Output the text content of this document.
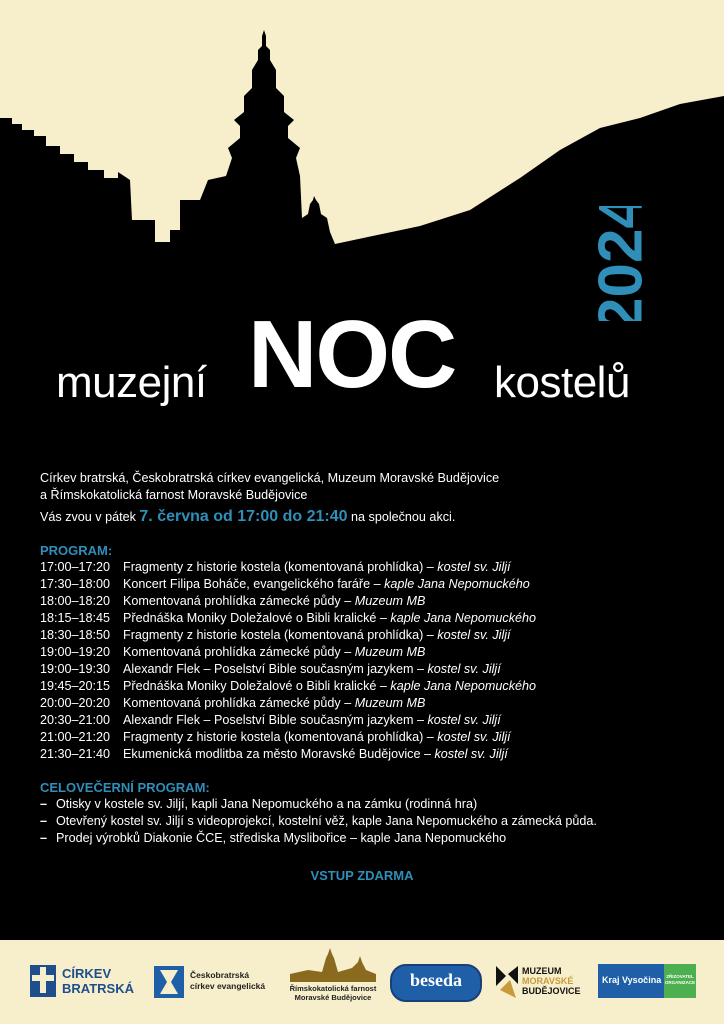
2024
muzejní NOC kostelů
Církev bratrská, Českobratrská církev evangelická, Muzeum Moravské Budějovice
a Římskokatolická farnost Moravské Budějovice
Vás zvou v pátek 7. června od 17:00 do 21:40 na společnou akci.
PROGRAM:
17:00–17:20 Fragmenty z historie kostela (komentovaná prohlídka) – kostel sv. Jiljí
17:30–18:00 Koncert Filipa Boháče, evangelického faráře – kaple Jana Nepomuckého
18:00–18:20 Komentovaná prohlídka zámecké půdy – Muzeum MB
18:15–18:45 Přednáška Moniky Doležalové o Bibli kralické – kaple Jana Nepomuckého
18:30–18:50 Fragmenty z historie kostela (komentovaná prohlídka) – kostel sv. Jiljí
19:00–19:20 Komentovaná prohlídka zámecké půdy – Muzeum MB
19:00–19:30 Alexandr Flek – Poselství Bible současným jazykem – kostel sv. Jiljí
19:45–20:15 Přednáška Moniky Doležalové o Bibli kralické – kaple Jana Nepomuckého
20:00–20:20 Komentovaná prohlídka zámecké půdy – Muzeum MB
20:30–21:00 Alexandr Flek – Poselství Bible současným jazykem – kostel sv. Jiljí
21:00–21:20 Fragmenty z historie kostela (komentovaná prohlídka) – kostel sv. Jiljí
21:30–21:40 Ekumenická modlitba za město Moravské Budějovice – kostel sv. Jiljí
CELOVEČERNÍ PROGRAM:
– Otisky v kostele sv. Jiljí, kapli Jana Nepomuckého a na zámku (rodinná hra)
– Otevřený kostel sv. Jiljí s videoprojekcí, kostelní věž, kaple Jana Nepomuckého a zámecká půda.
– Prodej výrobků Diakonie ČCE, střediska Myslibořice – kaple Jana Nepomuckého
VSTUP ZDARMA
CÍRKEV
BRATRSKÁ
Českobratrská
církev evangelická	Římskokatolická farnost
Moravské Budějovice
beseda	MUZEUM
MORAVSKÉ
BUDĚJOVICE
Kraj Vysočina	ZŘIZOVATEL
ORGANIZACE
